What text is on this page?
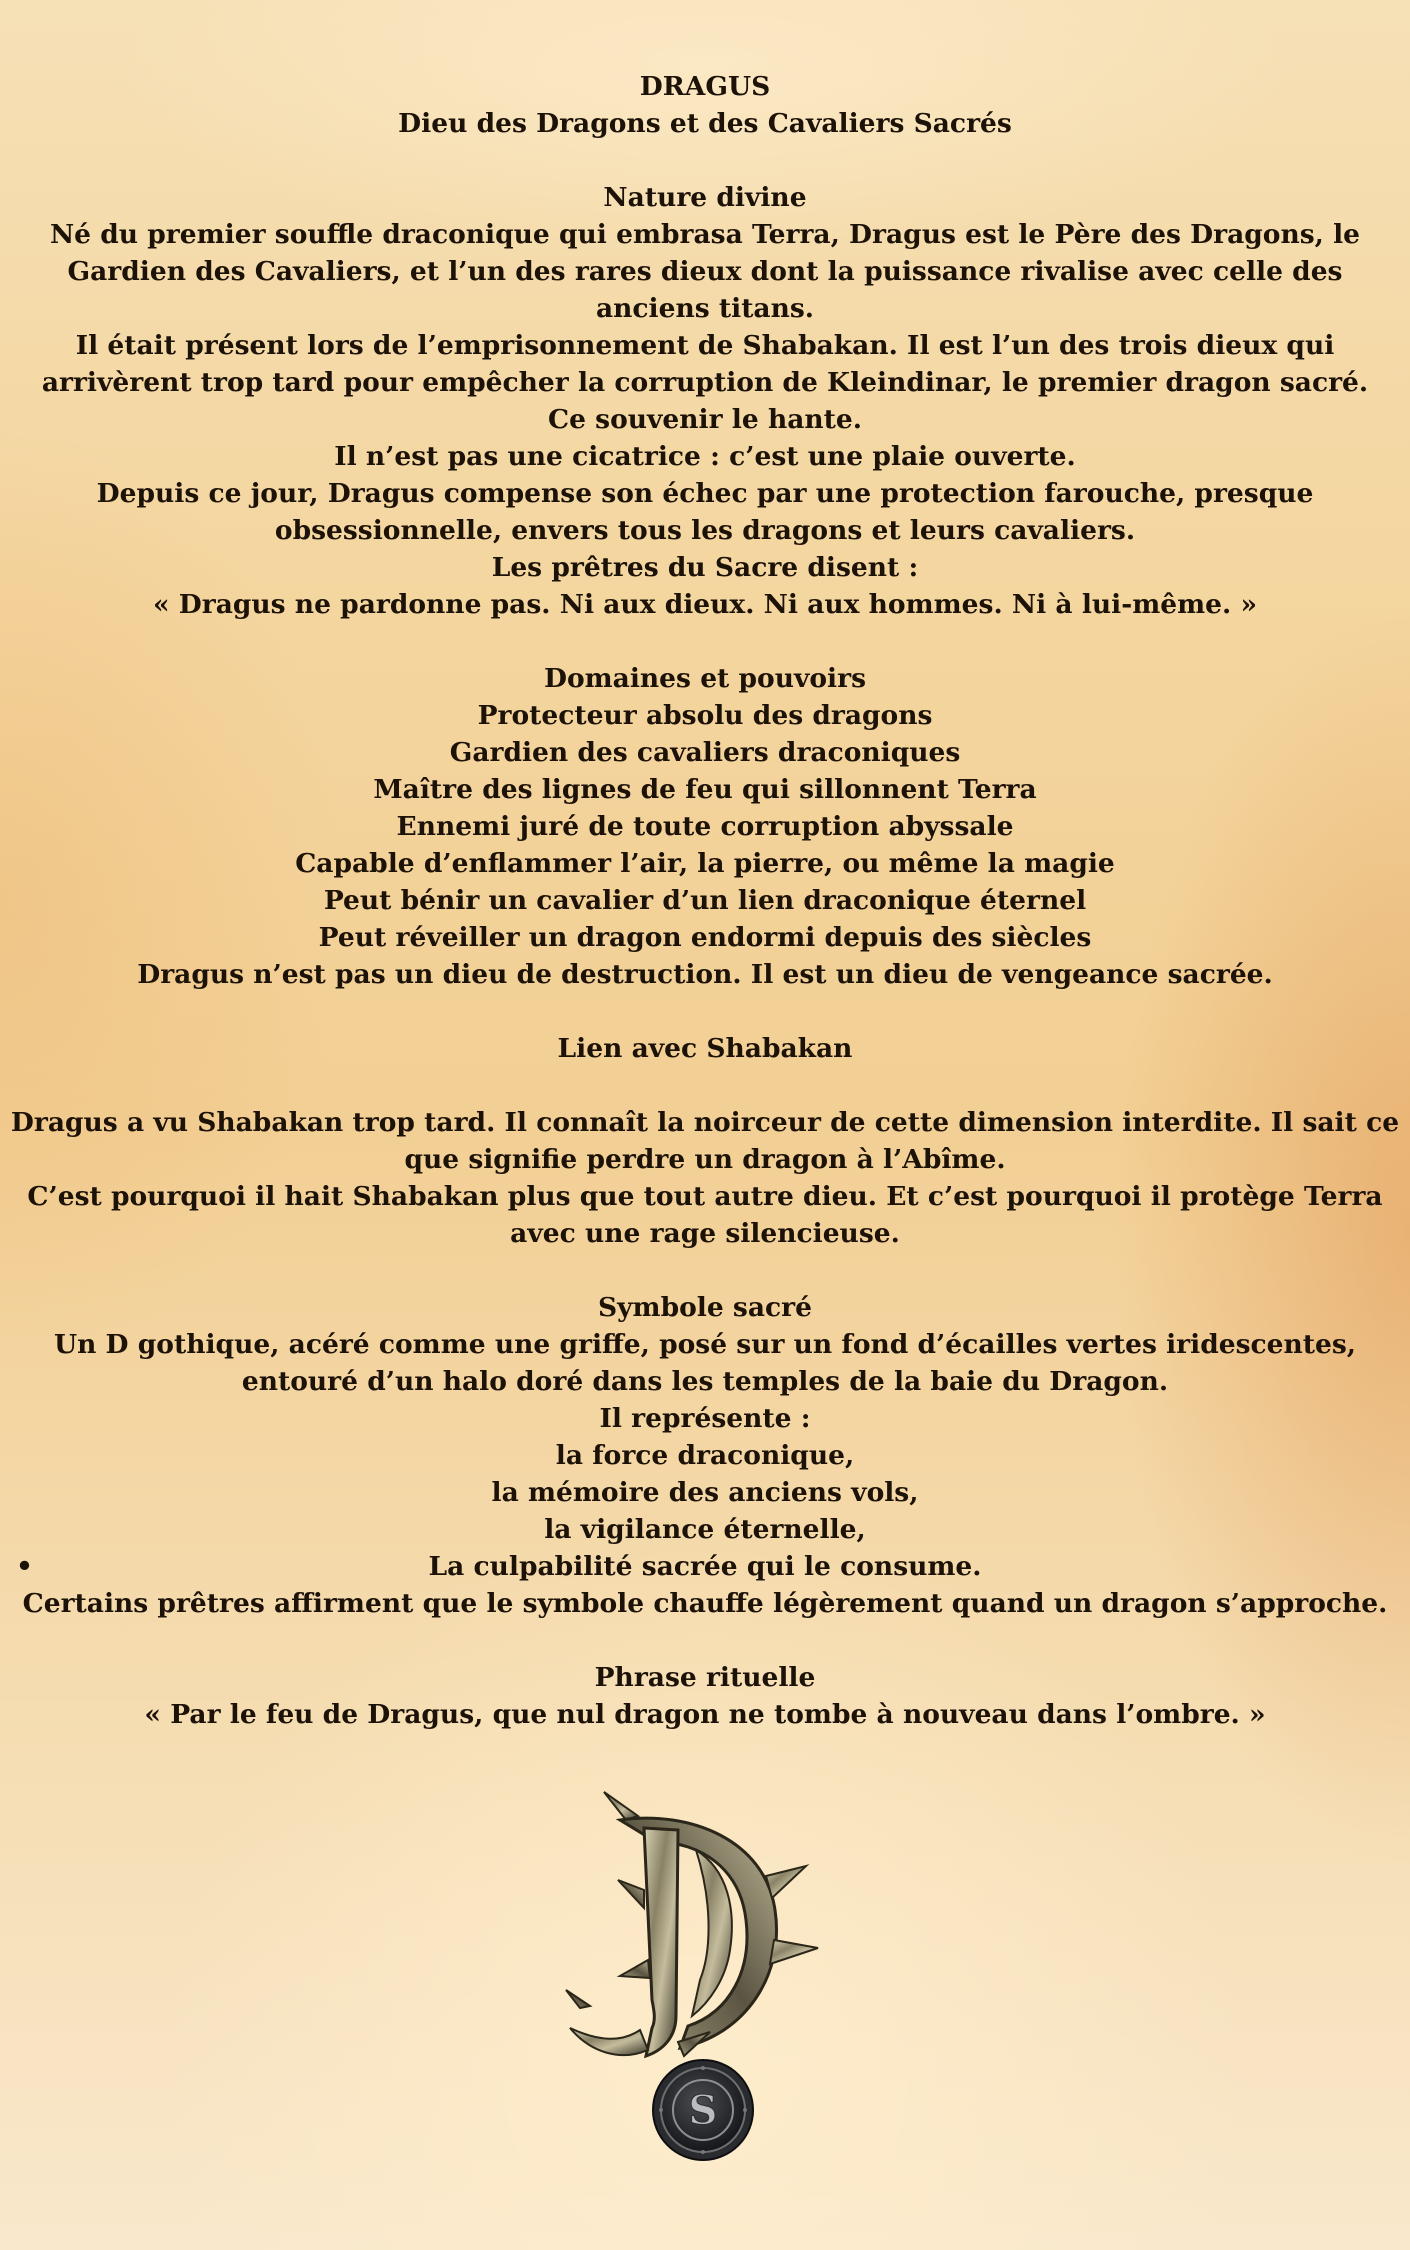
DRAGUS

Dieu des Dragons et des Cavaliers Sacrés

Nature divine

Né du premier souffle draconique qui embrasa Terra, Dragus est le Père des Dragons, le Gardien des Cavaliers, et l’un des rares dieux dont la puissance rivalise avec celle des anciens titans.

Il était présent lors de l’emprisonnement de Shabakan. Il est l’un des trois dieux qui arrivèrent trop tard pour empêcher la corruption de Kleindinar, le premier dragon sacré.

Ce souvenir le hante.

Il n’est pas une cicatrice : c’est une plaie ouverte.

Depuis ce jour, Dragus compense son échec par une protection farouche, presque obsessionnelle, envers tous les dragons et leurs cavaliers.

Les prêtres du Sacre disent :

« Dragus ne pardonne pas. Ni aux dieux. Ni aux hommes. Ni à lui-même. »

Domaines et pouvoirs

Protecteur absolu des dragons

Gardien des cavaliers draconiques

Maître des lignes de feu qui sillonnent Terra

Ennemi juré de toute corruption abyssale

Capable d’enflammer l’air, la pierre, ou même la magie

Peut bénir un cavalier d’un lien draconique éternel

Peut réveiller un dragon endormi depuis des siècles

Dragus n’est pas un dieu de destruction. Il est un dieu de vengeance sacrée.

Lien avec Shabakan

Dragus a vu Shabakan trop tard. Il connaît la noirceur de cette dimension interdite. Il sait ce que signifie perdre un dragon à l’Abîme.

C’est pourquoi il hait Shabakan plus que tout autre dieu. Et c’est pourquoi il protège Terra avec une rage silencieuse.

Symbole sacré

Un D gothique, acéré comme une griffe, posé sur un fond d’écailles vertes iridescentes, entouré d’un halo doré dans les temples de la baie du Dragon.

Il représente :

la force draconique,

la mémoire des anciens vols,

la vigilance éternelle,

•	La culpabilité sacrée qui le consume.

Certains prêtres affirment que le symbole chauffe légèrement quand un dragon s’approche.

Phrase rituelle

« Par le feu de Dragus, que nul dragon ne tombe à nouveau dans l’ombre. »

S
